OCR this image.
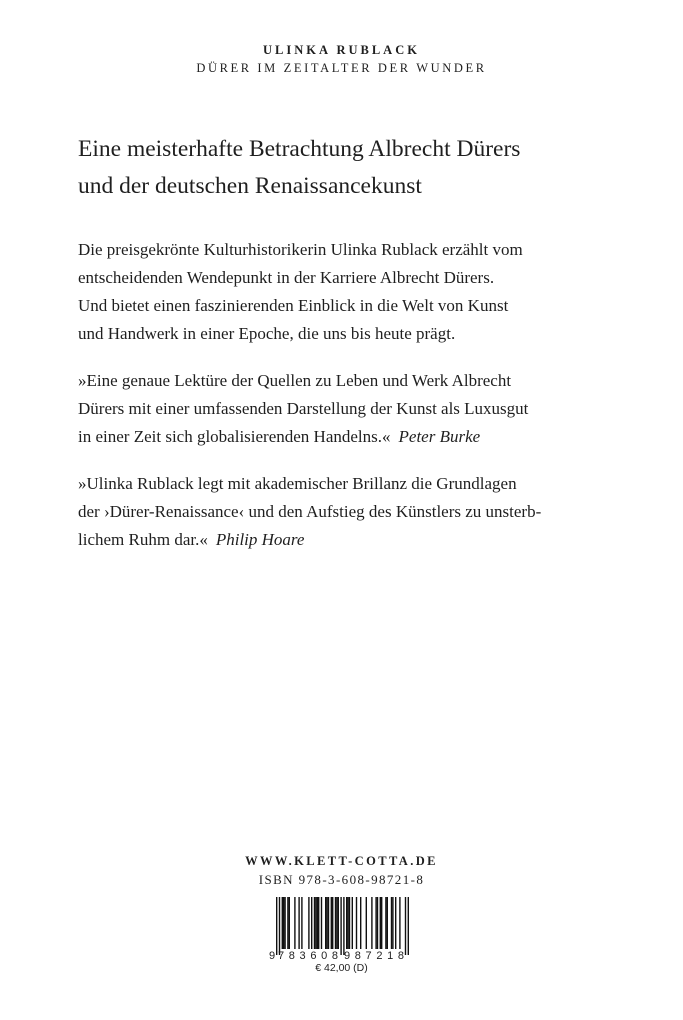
ULINKA RUBLACK
DÜRER IM ZEITALTER DER WUNDER
Eine meisterhafte Betrachtung Albrecht Dürers
und der deutschen Renaissancekunst

Die preisgekrönte Kulturhistorikerin Ulinka Rublack erzählt vom
entscheidenden Wendepunkt in der Karriere Albrecht Dürers.
Und bietet einen faszinierenden Einblick in die Welt von Kunst
und Handwerk in einer Epoche, die uns bis heute prägt.

»Eine genaue Lektüre der Quellen zu Leben und Werk Albrecht
Dürers mit einer umfassenden Darstellung der Kunst als Luxusgut
in einer Zeit sich globalisierenden Handelns.« Peter Burke

»Ulinka Rublack legt mit akademischer Brillanz die Grundlagen
der ›Dürer-Renaissance‹ und den Aufstieg des Künstlers zu unsterb-
lichem Ruhm dar.« Philip Hoare

WWW.KLETT-COTTA.DE
ISBN 978-3-608-98721-8
9 783608 987218
€ 42,00 (D)
